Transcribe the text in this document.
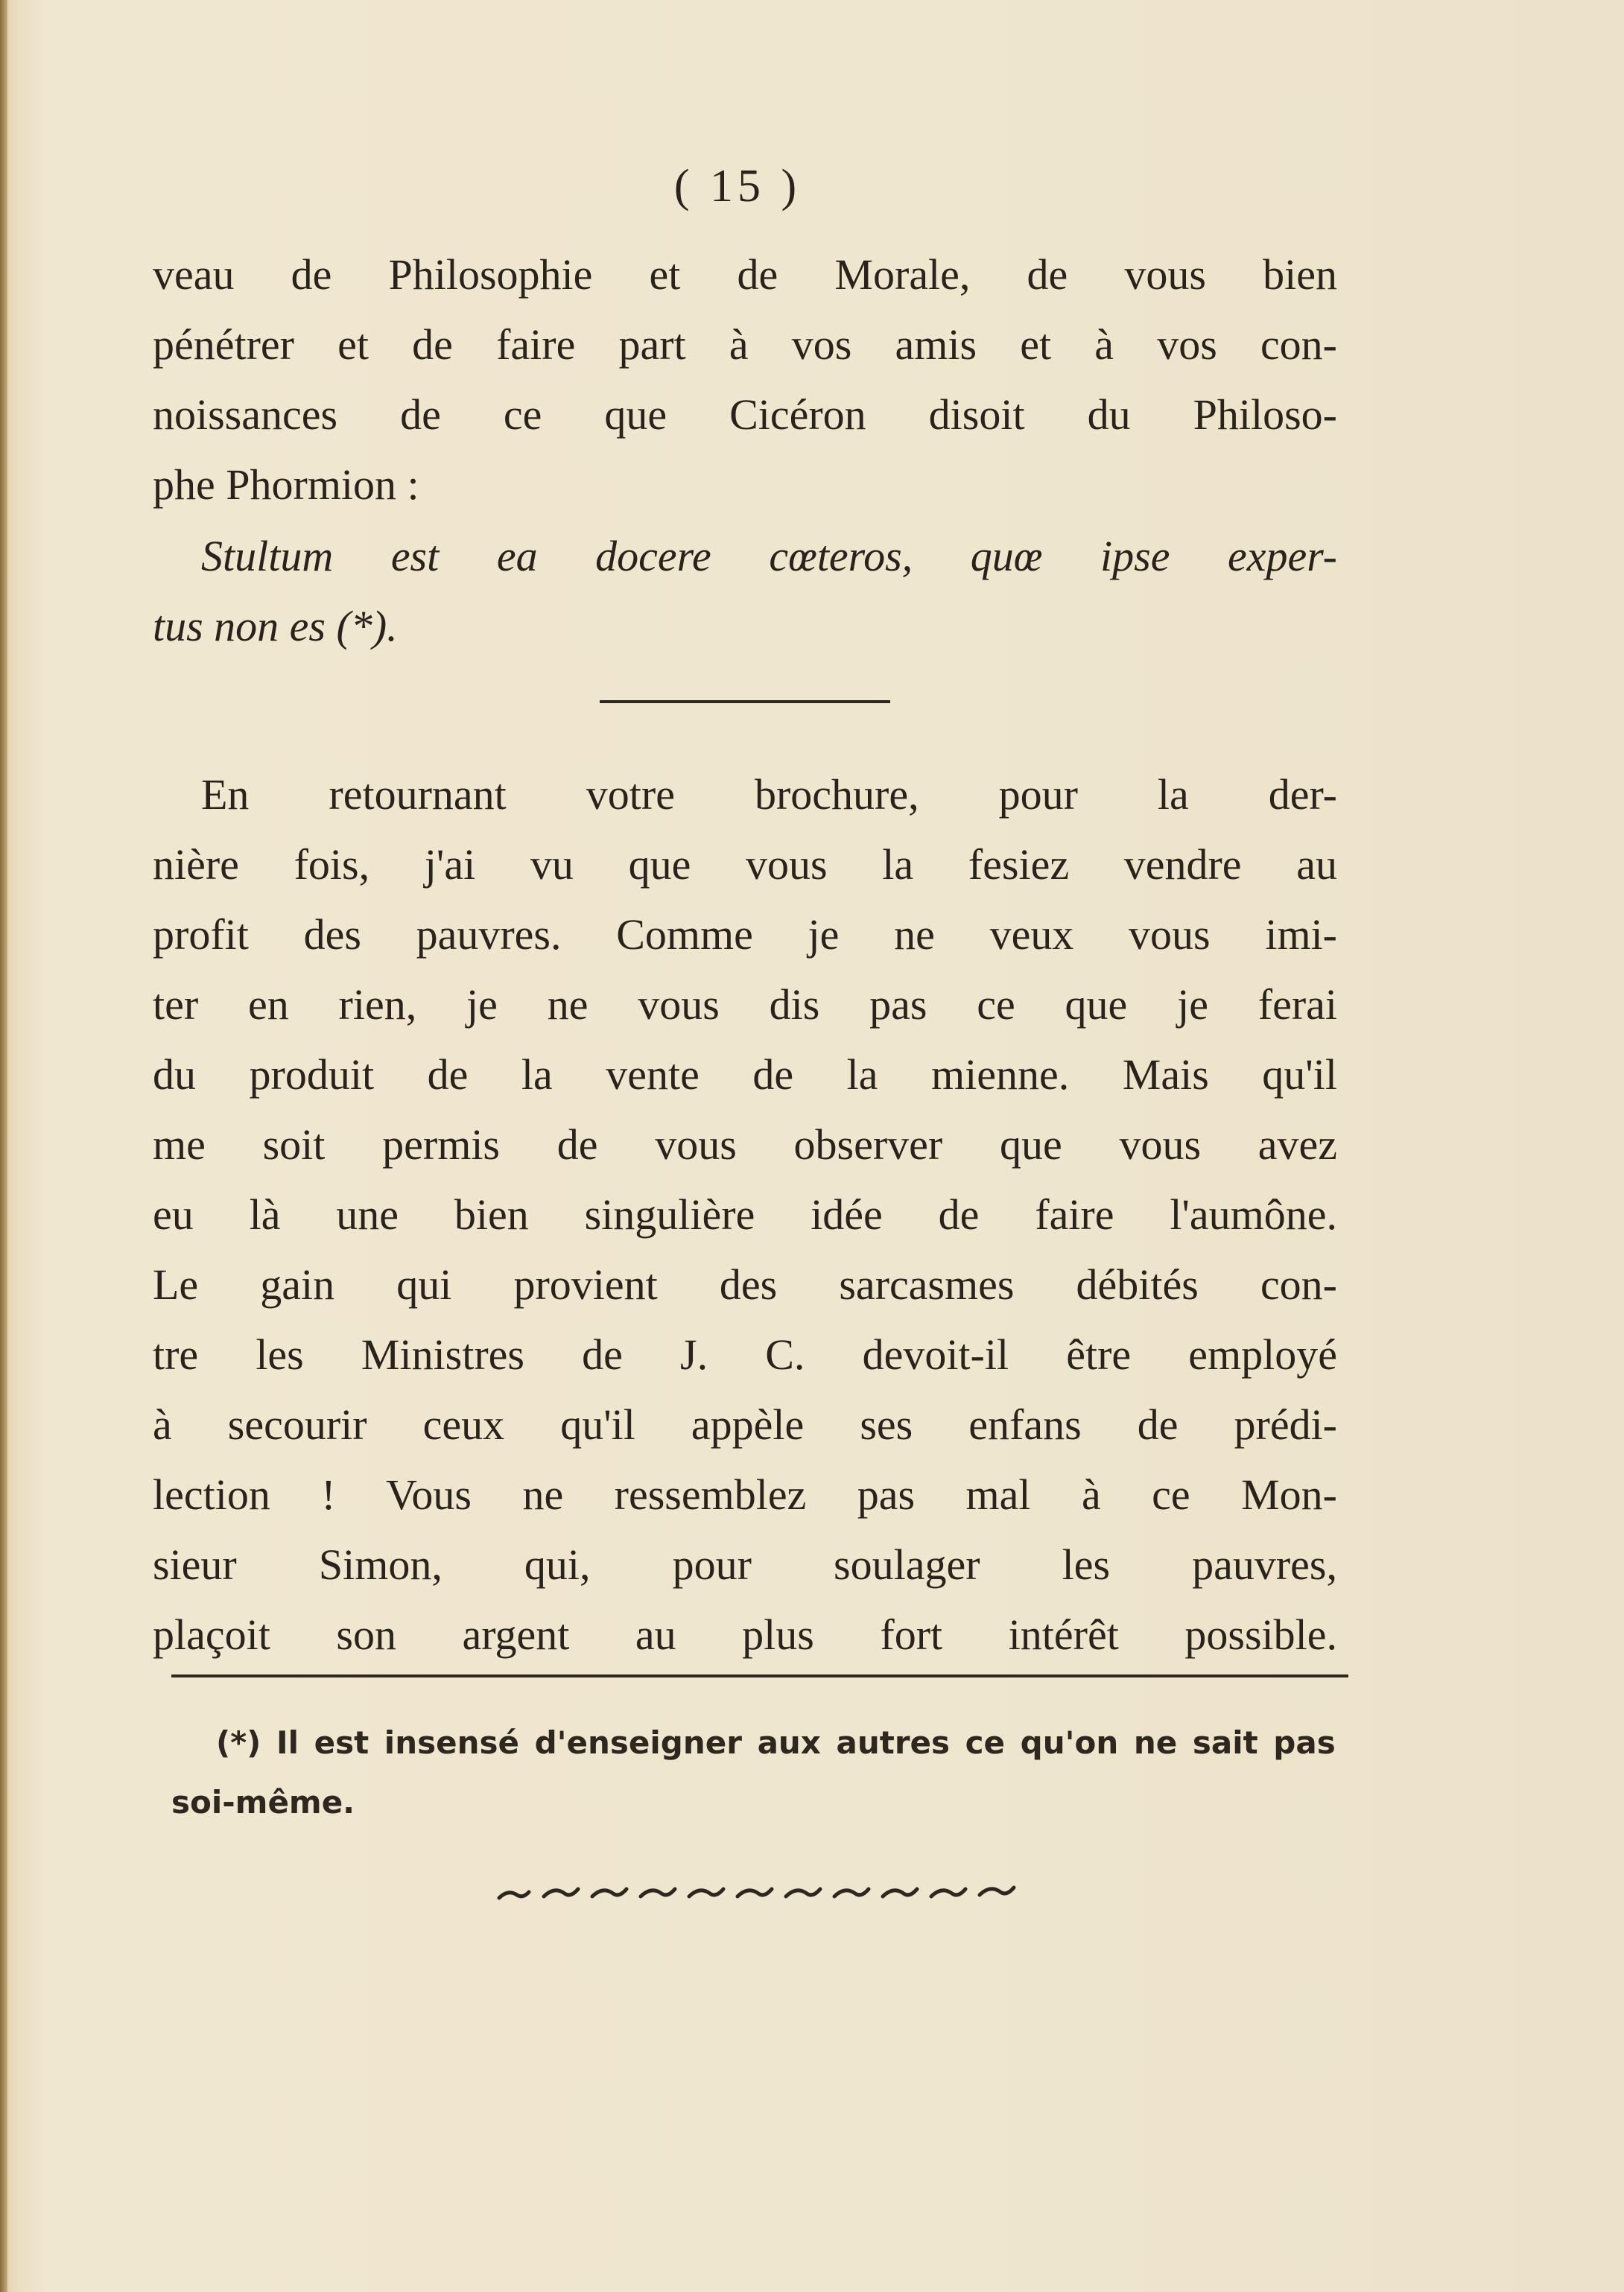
( 15 )
veau de Philosophie et de Morale, de vous bien
pénétrer et de faire part à vos amis et à vos con-
noissances de ce que Cicéron disoit du Philoso-
phe Phormion :
Stultum est ea docere cœteros, quœ ipse exper-
tus non es (*).
En retournant votre brochure, pour la der-
nière fois, j'ai vu que vous la fesiez vendre au
profit des pauvres. Comme je ne veux vous imi-
ter en rien, je ne vous dis pas ce que je ferai
du produit de la vente de la mienne. Mais qu'il
me soit permis de vous observer que vous avez
eu là une bien singulière idée de faire l'aumône.
Le gain qui provient des sarcasmes débités con-
tre les Ministres de J. C. devoit-il être employé
à secourir ceux qu'il appèle ses enfans de prédi-
lection ! Vous ne ressemblez pas mal à ce Mon-
sieur Simon, qui, pour soulager les pauvres,
plaçoit son argent au plus fort intérêt possible.
(*) Il est insensé d'enseigner aux autres ce qu'on ne sait pas
soi-même.
